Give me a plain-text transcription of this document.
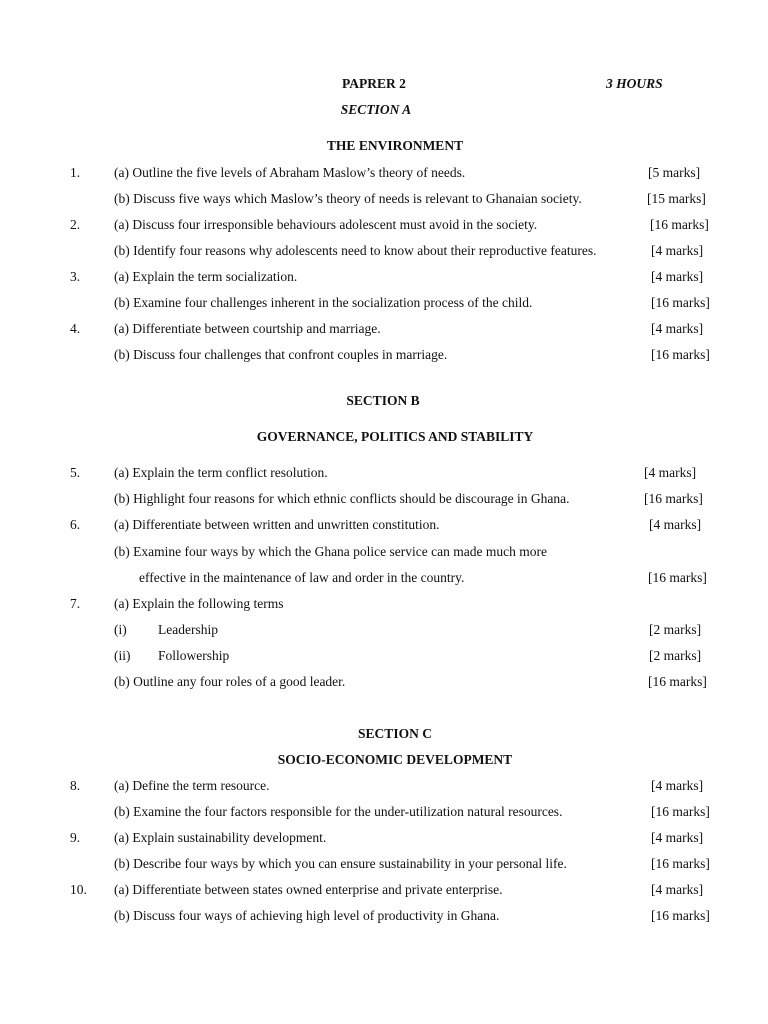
PAPRER 2	3 HOURS
SECTION A
THE ENVIRONMENT
1.	(a) Outline the five levels of Abraham Maslow’s theory of needs.	[5 marks]
(b) Discuss five ways which Maslow’s theory of needs is relevant to Ghanaian society.	[15 marks]
2.	(a) Discuss four irresponsible behaviours adolescent must avoid in the society.	[16 marks]
(b) Identify four reasons why adolescents need to know about their reproductive features.	[4 marks]
3.	(a) Explain the term socialization.	[4 marks]
(b) Examine four challenges inherent in the socialization process of the child.	[16 marks]
4.	(a) Differentiate between courtship and marriage.	[4 marks]
(b) Discuss four challenges that confront couples in marriage.	[16 marks]
SECTION B
GOVERNANCE, POLITICS AND STABILITY
5.	(a) Explain the term conflict resolution.	[4 marks]
(b) Highlight four reasons for which ethnic conflicts should be discourage in Ghana.	[16 marks]
6.	(a) Differentiate between written and unwritten constitution.	[4 marks]
(b) Examine four ways by which the Ghana police service can made much more
effective in the maintenance of law and order in the country.	[16 marks]
7.	(a) Explain the following terms
(i) Leadership	[2 marks]
(ii) Followership	[2 marks]
(b) Outline any four roles of a good leader.	[16 marks]
SECTION C
SOCIO-ECONOMIC DEVELOPMENT
8.	(a) Define the term resource.	[4 marks]
(b) Examine the four factors responsible for the under-utilization natural resources.	[16 marks]
9.	(a) Explain sustainability development.	[4 marks]
(b) Describe four ways by which you can ensure sustainability in your personal life.	[16 marks]
10. (a) Differentiate between states owned enterprise and private enterprise.	[4 marks]
(b) Discuss four ways of achieving high level of productivity in Ghana.	[16 marks]
